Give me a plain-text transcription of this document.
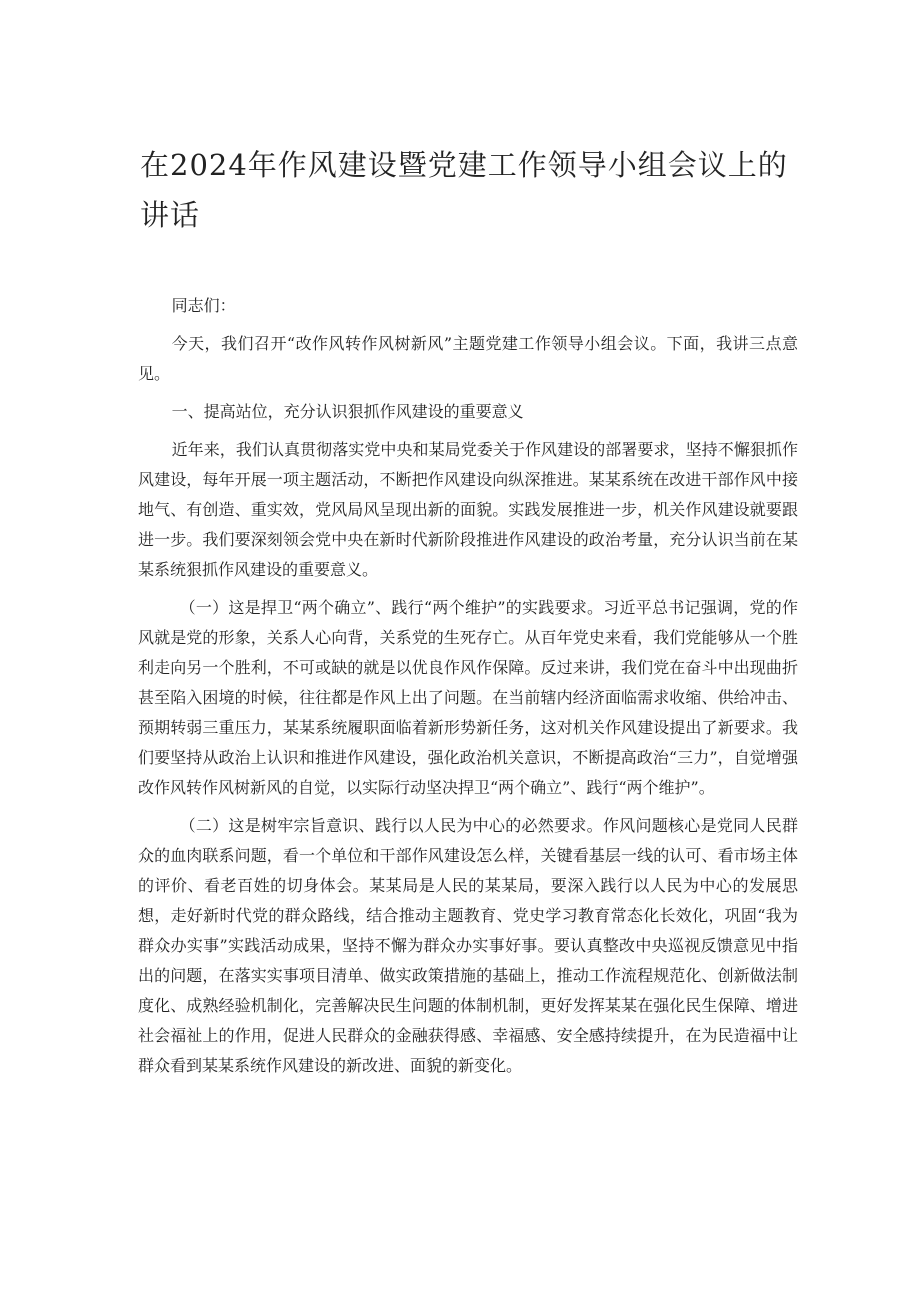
在2024年作风建设暨党建工作领导小组会议上的讲话

同志们：

今天，我们召开“改作风转作风树新风”主题党建工作领导小组会议。下面，我讲三点意见。

一、提高站位，充分认识狠抓作风建设的重要意义

近年来，我们认真贯彻落实党中央和某局党委关于作风建设的部署要求，坚持不懈狠抓作风建设，每年开展一项主题活动，不断把作风建设向纵深推进。某某系统在改进干部作风中接地气、有创造、重实效，党风局风呈现出新的面貌。实践发展推进一步，机关作风建设就要跟进一步。我们要深刻领会党中央在新时代新阶段推进作风建设的政治考量，充分认识当前在某某系统狠抓作风建设的重要意义。

（一）这是捍卫“两个确立”、践行“两个维护”的实践要求。习近平总书记强调，党的作风就是党的形象，关系人心向背，关系党的生死存亡。从百年党史来看，我们党能够从一个胜利走向另一个胜利，不可或缺的就是以优良作风作保障。反过来讲，我们党在奋斗中出现曲折甚至陷入困境的时候，往往都是作风上出了问题。在当前辖内经济面临需求收缩、供给冲击、预期转弱三重压力，某某系统履职面临着新形势新任务，这对机关作风建设提出了新要求。我们要坚持从政治上认识和推进作风建设，强化政治机关意识，不断提高政治“三力”，自觉增强改作风转作风树新风的自觉，以实际行动坚决捍卫“两个确立”、践行“两个维护”。

（二）这是树牢宗旨意识、践行以人民为中心的必然要求。作风问题核心是党同人民群众的血肉联系问题，看一个单位和干部作风建设怎么样，关键看基层一线的认可、看市场主体的评价、看老百姓的切身体会。某某局是人民的某某局，要深入践行以人民为中心的发展思想，走好新时代党的群众路线，结合推动主题教育、党史学习教育常态化长效化，巩固“我为群众办实事”实践活动成果，坚持不懈为群众办实事好事。要认真整改中央巡视反馈意见中指出的问题，在落实实事项目清单、做实政策措施的基础上，推动工作流程规范化、创新做法制度化、成熟经验机制化，完善解决民生问题的体制机制，更好发挥某某在强化民生保障、增进社会福祉上的作用，促进人民群众的金融获得感、幸福感、安全感持续提升，在为民造福中让群众看到某某系统作风建设的新改进、面貌的新变化。
